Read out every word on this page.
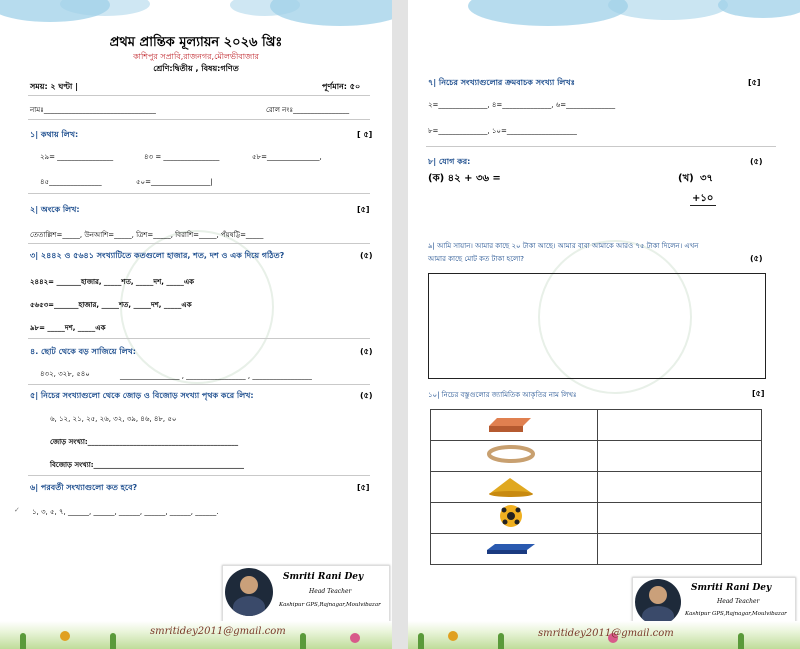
প্রথম প্রান্তিক মূল্যায়ন ২০২৬ খ্রিঃ
কাশিপুর সপ্রাবি,রাজনগর,মৌলভীবাজার
শ্রেণি:দ্বিতীয় , বিষয়:গণিত
সময়: ২ ঘণ্টা |	পূর্ণমান: ৫০
নামঃ________________________________	রোল নংঃ________________
১| কথায় লিখ:	[ ৫]
২৯= ________________	৪৩ = ________________	৫৮=_______________,
৪৫_______________	৫০=_________________|
২| অংকে লিখ:	[৫]
তেতাল্লিশ=_____, উনআশি=_____, ত্রিশ=_____, বিরাশি=_____, পঁয়ষট্টি=_____
৩| ২৪৪২ ও ৫৬৪১ সংখ্যাটিতে কতগুলো হাজার, শত, দশ ও এক দিয়ে গঠিত?	(৫)
২৪৪২= _______হাজার, _____শত, _____দশ, _____এক
৫৬৫৩=_______হাজার, _____শত, _____দশ, _____এক
৯৮= _____দশ, _____এক
৪. ছোট থেকে বড় সাজিয়ে লিখ:	(৫)
৪৩২, ৩২৮, ৫৪০	_________________ , _________________ , _________________
৫| নিচের সংখ্যাগুলো থেকে জোড় ও বিজোড় সংখ্যা পৃথক করে লিখ:	(৫)
৬, ১২, ২১, ২৫, ২৬, ৩২, ৩৯, ৪৬, ৪৮, ৫০
জোড় সংখ্যা:___________________________________________
বিজোড় সংখ্যা:___________________________________________
৬| পরবর্তী সংখ্যাগুলো কত হবে?	[৫]
✓ ১, ৩, ৫, ৭, ______, ______, ______, ______, ______, ______.
Smriti Rani Dey
Head Teacher
Kashipur GPS,Rajnagar,Moulvibazar
smritidey2011@gmail.com
৭| নিচের সংখ্যাগুলোর ক্রমবাচক সংখ্যা লিখঃ	[৫]
২=______________, ৪=______________, ৬=______________
৮=______________, ১০=____________________
৮| যোগ কর:	(৫)
(ক) ৪২ + ৩৬ =	(খ) ৩৭
+১০
৯| আমি সায়ান। আমার কাছে ২০ টাকা আছে। আমার বাবা আমাকে আরও ৭৫ টাকা দিলেন। এখন
আমার কাছে মোট কত টাকা হলো?	(৫)
১০| নিচের বস্তুগুলোর জ্যামিতিক আকৃতির নাম লিখঃ	[৫]

Smriti Rani Dey
Head Teacher
Kashipur GPS,Rajnagar,Moulvibazar
smritidey2011@gmail.com
